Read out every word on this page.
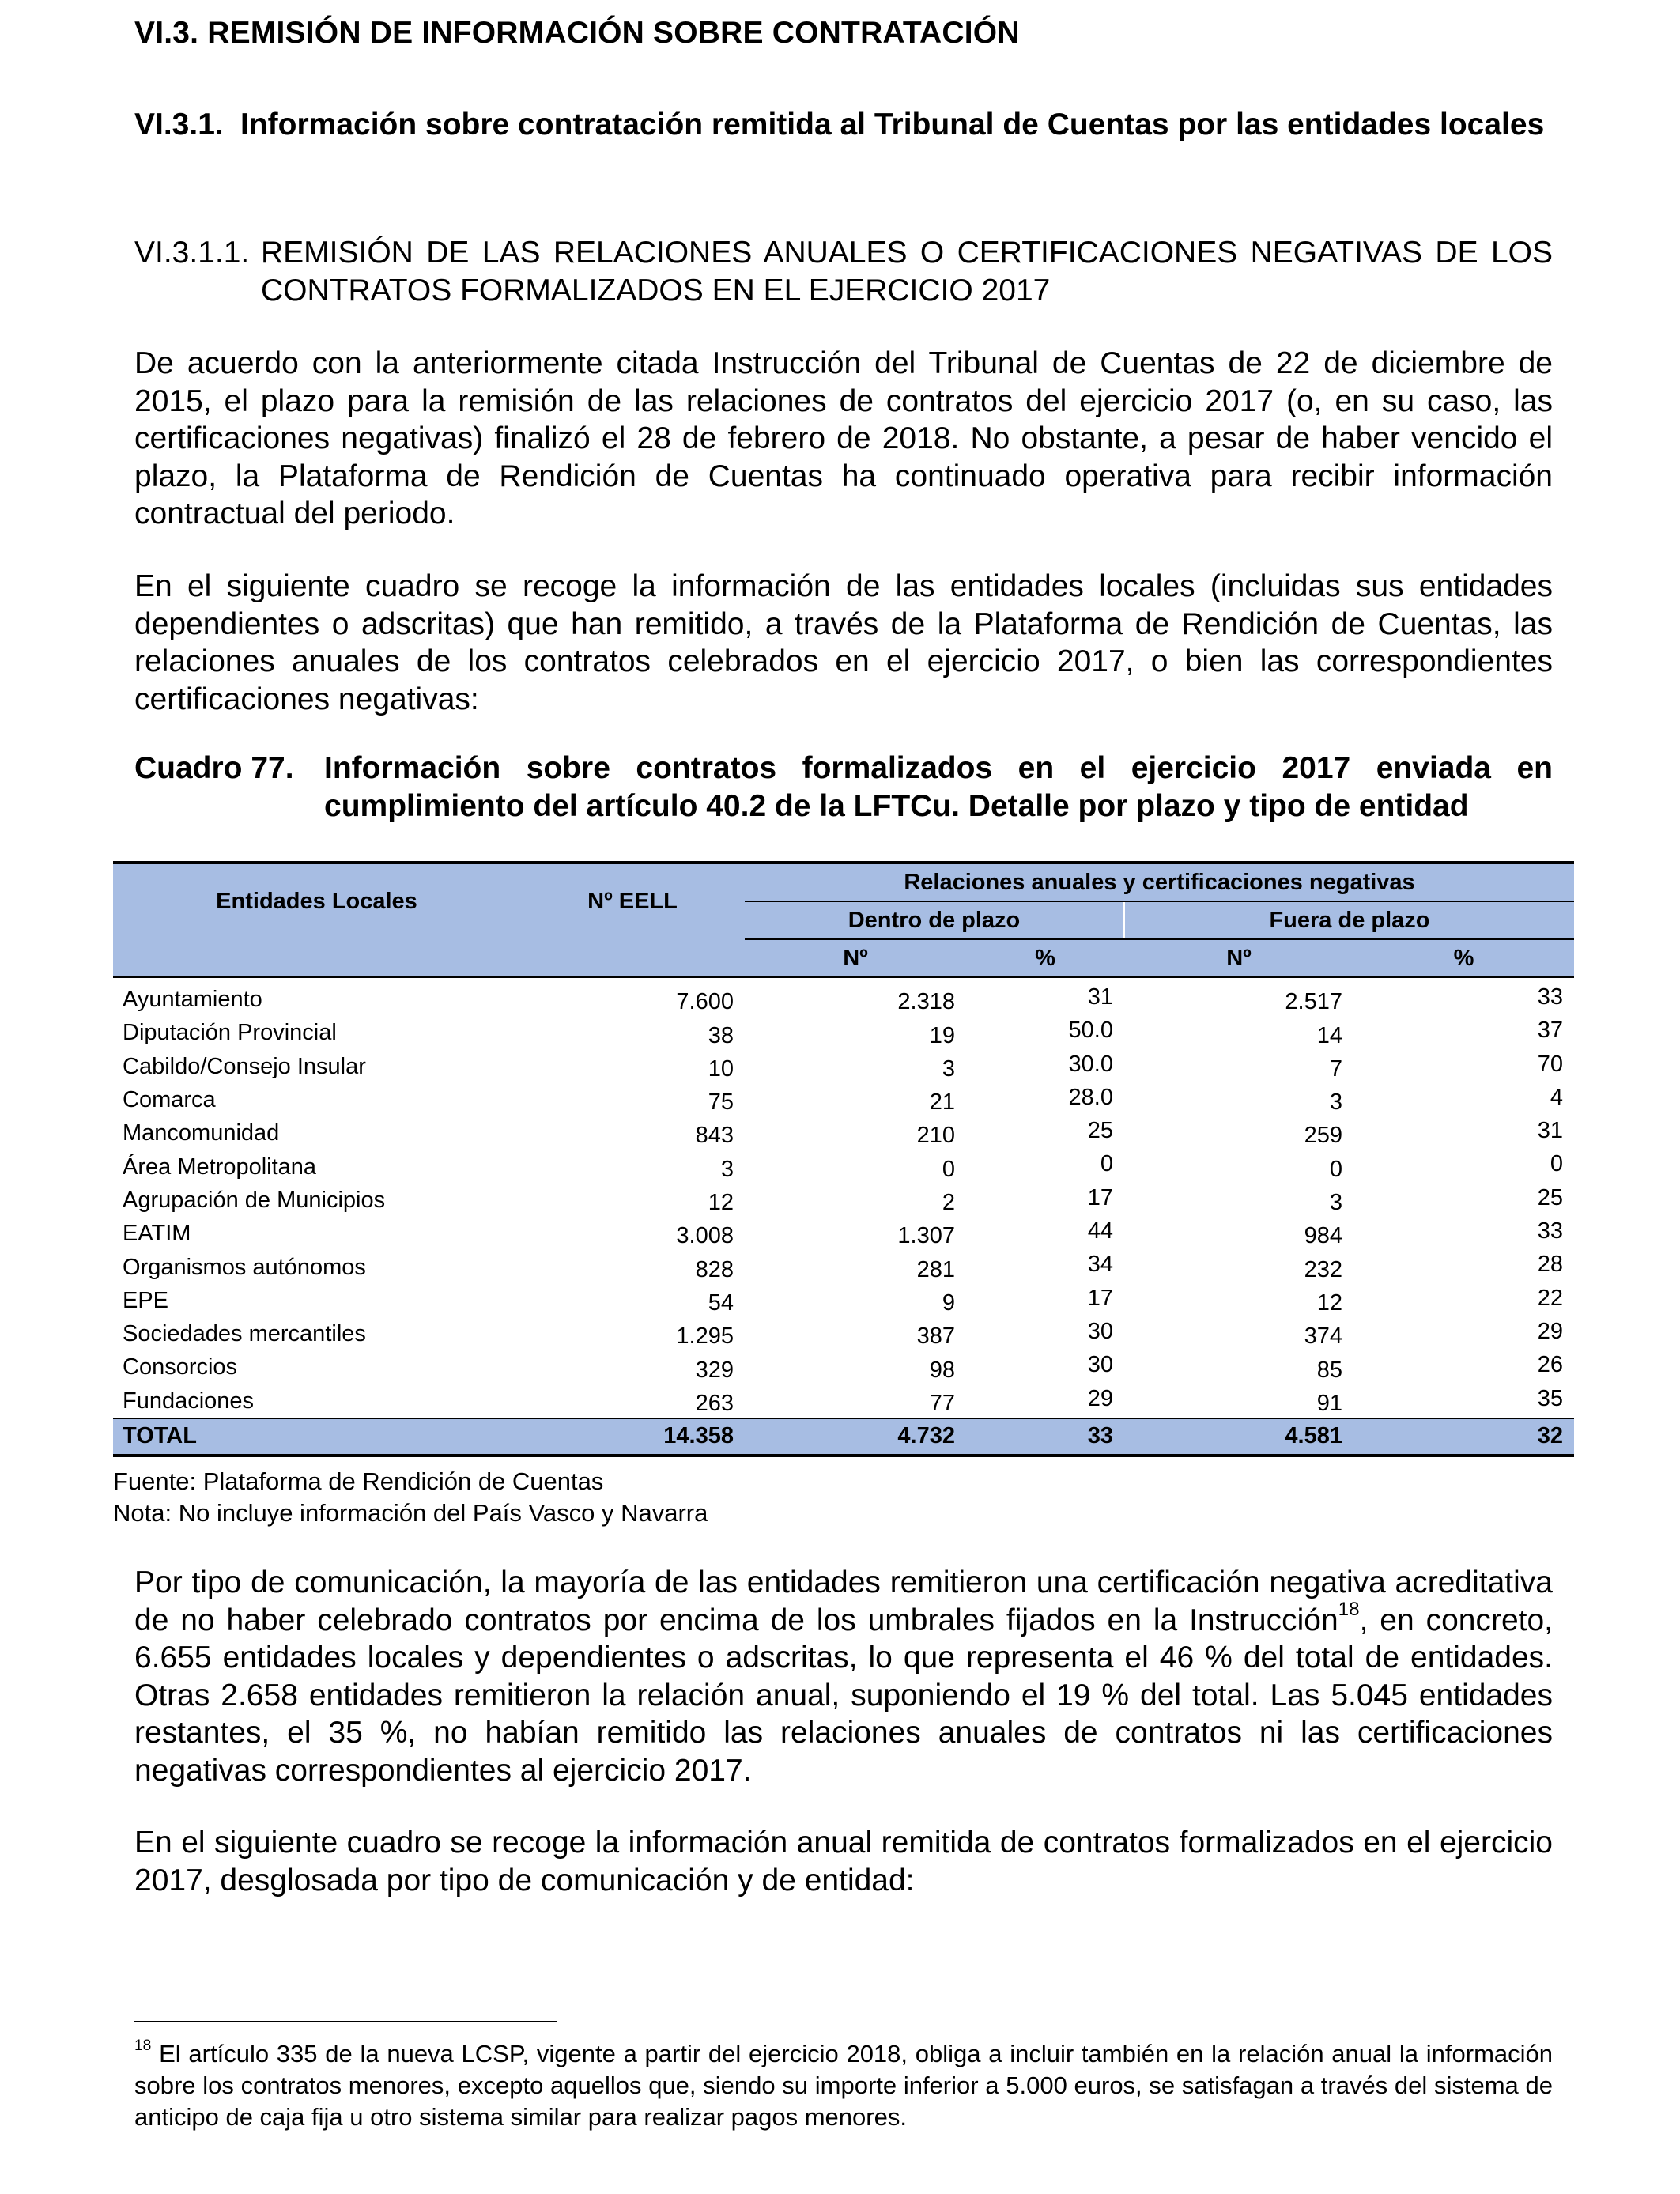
VI.3. REMISIÓN DE INFORMACIÓN SOBRE CONTRATACIÓN
VI.3.1. Información sobre contratación remitida al Tribunal de Cuentas por las entidades locales
VI.3.1.1. REMISIÓN DE LAS RELACIONES ANUALES O CERTIFICACIONES NEGATIVAS DE LOS CONTRATOS FORMALIZADOS EN EL EJERCICIO 2017

De acuerdo con la anteriormente citada Instrucción del Tribunal de Cuentas de 22 de diciembre de 2015, el plazo para la remisión de las relaciones de contratos del ejercicio 2017 (o, en su caso, las certificaciones negativas) finalizó el 28 de febrero de 2018. No obstante, a pesar de haber vencido el plazo, la Plataforma de Rendición de Cuentas ha continuado operativa para recibir información contractual del periodo.

En el siguiente cuadro se recoge la información de las entidades locales (incluidas sus entidades dependientes o adscritas) que han remitido, a través de la Plataforma de Rendición de Cuentas, las relaciones anuales de los contratos celebrados en el ejercicio 2017, o bien las correspondientes certificaciones negativas:

Cuadro 77. Información sobre contratos formalizados en el ejercicio 2017 enviada en cumplimiento del artículo 40.2 de la LFTCu. Detalle por plazo y tipo de entidad
Entidades Locales	Nº EELL	Relaciones anuales y certificaciones negativas			
		Dentro de plazo		Fuera de plazo	
		Nº	%	Nº	%
Ayuntamiento	7.600	2.318	31	2.517	33
Diputación Provincial	38	19	50.0	14	37
Cabildo/Consejo Insular	10	3	30.0	7	70
Comarca	75	21	28.0	3	4
Mancomunidad	843	210	25	259	31
Área Metropolitana	3	0	0	0	0
Agrupación de Municipios	12	2	17	3	25
EATIM	3.008	1.307	44	984	33
Organismos autónomos	828	281	34	232	28
EPE	54	9	17	12	22
Sociedades mercantiles	1.295	387	30	374	29
Consorcios	329	98	30	85	26
Fundaciones	263	77	29	91	35
TOTAL	14.358	4.732	33	4.581	32
Fuente: Plataforma de Rendición de Cuentas
Nota: No incluye información del País Vasco y Navarra

Por tipo de comunicación, la mayoría de las entidades remitieron una certificación negativa acreditativa de no haber celebrado contratos por encima de los umbrales fijados en la Instrucción$^{18}$, en concreto, 6.655 entidades locales y dependientes o adscritas, lo que representa el 46 % del total de entidades. Otras 2.658 entidades remitieron la relación anual, suponiendo el 19 % del total. Las 5.045 entidades restantes, el 35 %, no habían remitido las relaciones anuales de contratos ni las certificaciones negativas correspondientes al ejercicio 2017.

En el siguiente cuadro se recoge la información anual remitida de contratos formalizados en el ejercicio 2017, desglosada por tipo de comunicación y de entidad:

$^{18}$ El artículo 335 de la nueva LCSP, vigente a partir del ejercicio 2018, obliga a incluir también en la relación anual la información sobre los contratos menores, excepto aquellos que, siendo su importe inferior a 5.000 euros, se satisfagan a través del sistema de anticipo de caja fija u otro sistema similar para realizar pagos menores.
